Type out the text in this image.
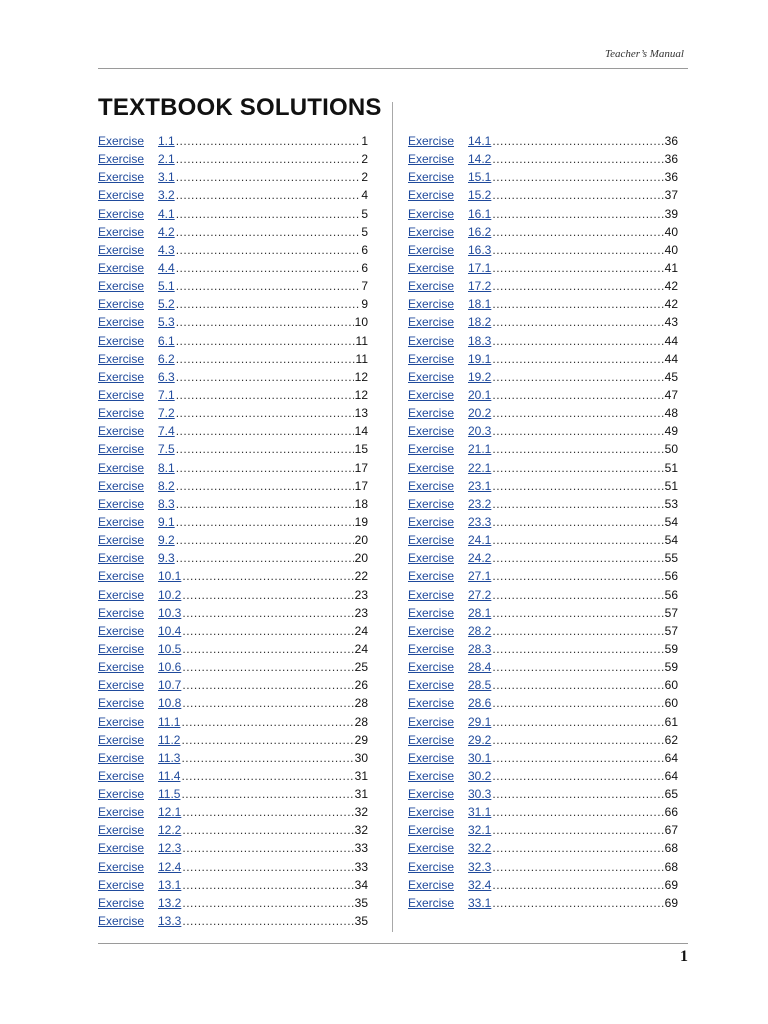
Teacher’s Manual
TEXTBOOK SOLUTIONS
Exercise	1.1 .....	1
Exercise	2.1 .....	2
Exercise	3.1 .....	2
Exercise	3.2 .....	4
Exercise	4.1 .....	5
Exercise	4.2 .....	5
Exercise	4.3 .....	6
Exercise	4.4 .....	6
Exercise	5.1 .....	7
Exercise	5.2 .....	9
Exercise	5.3 .....	10
Exercise	6.1 .....	11
Exercise	6.2 .....	11
Exercise	6.3 .....	12
Exercise	7.1 .....	12
Exercise	7.2 .....	13
Exercise	7.4 .....	14
Exercise	7.5 .....	15
Exercise	8.1 .....	17
Exercise	8.2 .....	17
Exercise	8.3 .....	18
Exercise	9.1 .....	19
Exercise	9.2 .....	20
Exercise	9.3 .....	20
Exercise	10.1 .....	22
Exercise	10.2 .....	23
Exercise	10.3 .....	23
Exercise	10.4 .....	24
Exercise	10.5 .....	24
Exercise	10.6 .....	25
Exercise	10.7 .....	26
Exercise	10.8 .....	28
Exercise	11.1 .....	28
Exercise	11.2 .....	29
Exercise	11.3 .....	30
Exercise	11.4 .....	31
Exercise	11.5 .....	31
Exercise	12.1 .....	32
Exercise	12.2 .....	32
Exercise	12.3 .....	33
Exercise	12.4 .....	33
Exercise	13.1 .....	34
Exercise	13.2 .....	35
Exercise	13.3 .....	35
Exercise	14.1 .....	36
Exercise	14.2 .....	36
Exercise	15.1 .....	36
Exercise	15.2 .....	37
Exercise	16.1 .....	39
Exercise	16.2 .....	40
Exercise	16.3 .....	40
Exercise	17.1 .....	41
Exercise	17.2 .....	42
Exercise	18.1 .....	42
Exercise	18.2 .....	43
Exercise	18.3 .....	44
Exercise	19.1 .....	44
Exercise	19.2 .....	45
Exercise	20.1 .....	47
Exercise	20.2 .....	48
Exercise	20.3 .....	49
Exercise	21.1 .....	50
Exercise	22.1 .....	51
Exercise	23.1 .....	51
Exercise	23.2 .....	53
Exercise	23.3 .....	54
Exercise	24.1 .....	54
Exercise	24.2 .....	55
Exercise	27.1 .....	56
Exercise	27.2 .....	56
Exercise	28.1 .....	57
Exercise	28.2 .....	57
Exercise	28.3 .....	59
Exercise	28.4 .....	59
Exercise	28.5 .....	60
Exercise	28.6 .....	60
Exercise	29.1 .....	61
Exercise	29.2 .....	62
Exercise	30.1 .....	64
Exercise	30.2 .....	64
Exercise	30.3 .....	65
Exercise	31.1 .....	66
Exercise	32.1 .....	67
Exercise	32.2 .....	68
Exercise	32.3 .....	68
Exercise	32.4 .....	69
Exercise	33.1 .....	69
1
